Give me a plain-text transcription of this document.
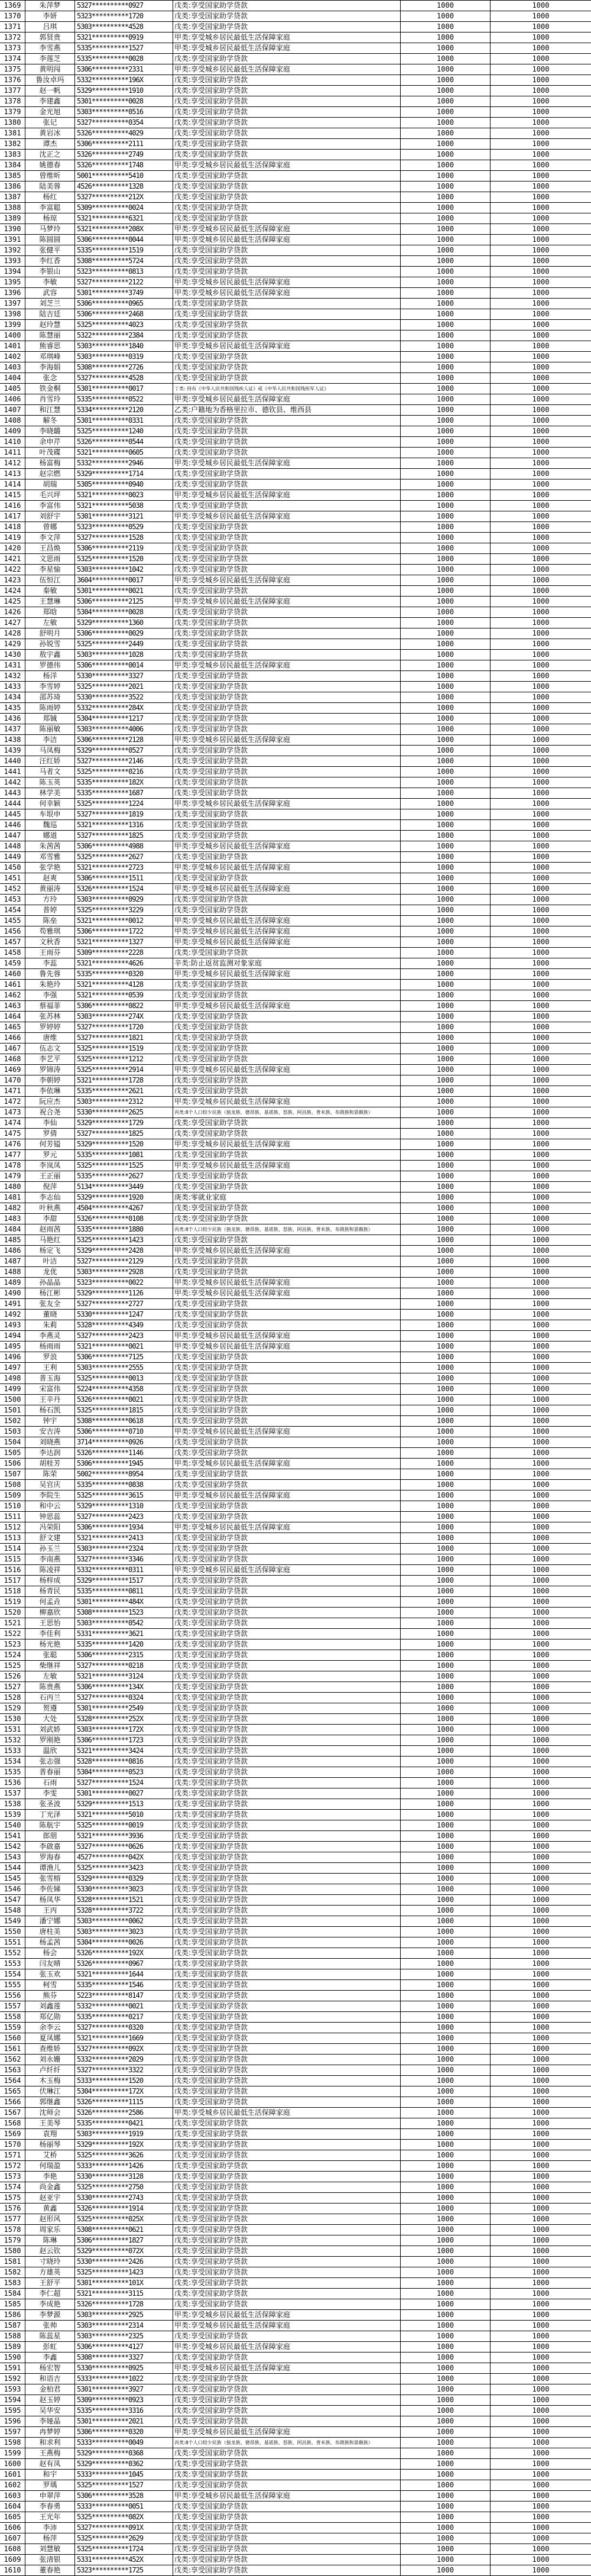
1369	朱萍梦	5327**********0927	戊类:享受国家助学贷款	1000	1000
1370	李妍	5323**********1720	戊类:享受国家助学贷款	1000	1000
1371	吕琪	5303**********4528	戊类:享受国家助学贷款	1000	1000
1372	郭贤贵	5321**********0919	甲类:享受城乡居民最低生活保障家庭	1000	1000
1373	李雪燕	5335**********1527	甲类:享受城乡居民最低生活保障家庭	1000	1000
1374	李莲芝	5335**********0028	戊类:享受国家助学贷款	1000	1000
1375	黄明闯	5306**********2331	甲类:享受城乡居民最低生活保障家庭	1000	1000
1376	鲁汝卓玛	5332**********196X	戊类:享受国家助学贷款	1000	1000
1377	赵一帆	5329**********1910	戊类:享受国家助学贷款	1000	1000
1378	李建鑫	5301**********0028	戊类:享受国家助学贷款	1000	1000
1379	金光旭	5303**********0516	戊类:享受国家助学贷款	1000	1000
1380	张记	5327**********0354	戊类:享受国家助学贷款	1000	1000
1381	黄岩冰	5326**********4029	戊类:享受国家助学贷款	1000	1000
1382	谭杰	5306**********2111	戊类:享受国家助学贷款	1000	1000
1383	沈正之	5326**********2749	戊类:享受国家助学贷款	1000	1000
1384	姚德春	5326**********1748	甲类:享受城乡居民最低生活保障家庭	1000	1000
1385	曾维昕	5001**********5410	戊类:享受国家助学贷款	1000	1000
1386	陆美蓉	4526**********1328	戊类:享受国家助学贷款	1000	1000
1387	杨红	5327**********212X	戊类:享受国家助学贷款	1000	1000
1388	李富聪	5309**********0024	戊类:享受国家助学贷款	1000	1000
1389	杨琼	5321**********6321	戊类:享受国家助学贷款	1000	1000
1390	马梦玲	5321**********208X	甲类:享受城乡居民最低生活保障家庭	1000	1000
1391	陈圆圆	5306**********0044	甲类:享受城乡居民最低生活保障家庭	1000	1000
1392	张健平	5335**********1519	戊类:享受国家助学贷款	1000	1000
1393	李红香	5308**********5724	戊类:享受国家助学贷款	1000	1000
1394	李银山	5323**********0813	戊类:享受国家助学贷款	1000	1000
1395	李敏	5327**********2122	甲类:享受城乡居民最低生活保障家庭	1000	1000
1396	武容	5301**********3749	甲类:享受城乡居民最低生活保障家庭	1000	1000
1397	刘芝兰	5306**********0965	戊类:享受国家助学贷款	1000	1000
1398	陆吉廷	5306**********2468	戊类:享受国家助学贷款	1000	1000
1399	赵玲慧	5325**********4023	戊类:享受国家助学贷款	1000	1000
1400	陈慧丽	5322**********2384	戊类:享受国家助学贷款	1000	1000
1401	熊睿思	5303**********1840	甲类:享受城乡居民最低生活保障家庭	1000	1000
1402	邓琪峰	5303**********0319	戊类:享受国家助学贷款	1000	1000
1403	李海娟	5308**********2726	戊类:享受国家助学贷款	1000	1000
1404	张念	5327**********4528	戊类:享受国家助学贷款	1000	1000
1405	铁金桐	5301**********0017	丁类: 持有《中华人民共和国残疾人证》或《中华人民共和国残疾军人证》	1000	1000
1406	肖雪玲	5335**********0522	甲类:享受城乡居民最低生活保障家庭	1000	1000
1407	和江慧	5334**********2120	乙类:户籍地为香格里拉市、德钦县、维西县	1000	1000
1408	解冬	5301**********0331	戊类:享受国家助学贷款	1000	1000
1409	李晓璐	5325**********1240	戊类:享受国家助学贷款	1000	1000
1410	余申芹	5326**********0544	戊类:享受国家助学贷款	1000	1000
1411	叶茂碟	5321**********0605	戊类:享受国家助学贷款	1000	1000
1412	杨富梅	5332**********2946	甲类:享受城乡居民最低生活保障家庭	1000	1000
1413	赵宗燃	5329**********1714	戊类:享受国家助学贷款	1000	1000
1414	胡瑞	5305**********0940	戊类:享受国家助学贷款	1000	1000
1415	毛兴坪	5321**********0023	甲类:享受城乡居民最低生活保障家庭	1000	1000
1416	李富伟	5321**********5038	戊类:享受国家助学贷款	1000	1000
1417	刘舒宇	5301**********3121	甲类:享受城乡居民最低生活保障家庭	1000	1000
1418	曾娜	5323**********0529	戊类:享受国家助学贷款	1000	1000
1419	李文萍	5327**********1528	戊类:享受国家助学贷款	1000	1000
1420	王昌焕	5306**********2119	戊类:享受国家助学贷款	1000	1000
1421	文思雨	5325**********1520	戊类:享受国家助学贷款	1000	1000
1422	李星愉	5303**********1042	戊类:享受国家助学贷款	1000	1000
1423	伍恒江	3604**********0017	甲类:享受城乡居民最低生活保障家庭	1000	1000
1424	秦敏	5301**********0021	戊类:享受国家助学贷款	1000	1000
1425	王慧琳	5306**********2125	甲类:享受城乡居民最低生活保障家庭	1000	1000
1426	郑晗	5304**********0028	戊类:享受国家助学贷款	1000	1000
1427	左敏	5329**********1360	戊类:享受国家助学贷款	1000	1000
1428	舒明月	5306**********0029	戊类:享受国家助学贷款	1000	1000
1429	孙锐雪	5325**********2449	戊类:享受国家助学贷款	1000	1000
1430	敖宇鑫	5303**********1028	戊类:享受国家助学贷款	1000	1000
1431	罗德伟	5306**********0014	甲类:享受城乡居民最低生活保障家庭	1000	1000
1432	杨洋	5330**********3327	戊类:享受国家助学贷款	1000	1000
1433	李雪婷	5325**********2021	戊类:享受国家助学贷款	1000	1000
1434	邵苏琦	5330**********3522	戊类:享受国家助学贷款	1000	1000
1435	陈雨婷	5332**********284X	戊类:享受国家助学贷款	1000	1000
1436	郑铖	5304**********1217	戊类:享受国家助学贷款	1000	1000
1437	陈丽敏	5303**********4006	戊类:享受国家助学贷款	1000	1000
1438	李洁	5306**********2128	甲类:享受城乡居民最低生活保障家庭	1000	1000
1439	马凤梅	5329**********0527	戊类:享受国家助学贷款	1000	1000
1440	汪红娇	5327**********2146	戊类:享受国家助学贷款	1000	1000
1441	马者文	5325**********0216	戊类:享受国家助学贷款	1000	1000
1442	陈玉英	5335**********182X	戊类:享受国家助学贷款	1000	1000
1443	林学美	5335**********1687	戊类:享受国家助学贷款	1000	1000
1444	何幸颖	5325**********1224	甲类:享受城乡居民最低生活保障家庭	1000	1000
1445	车垠申	5327**********1819	戊类:享受国家助学贷款	1000	1000
1446	魏巡	5321**********1316	戊类:享受国家助学贷款	1000	1000
1447	娜道	5327**********1825	戊类:享受国家助学贷款	1000	1000
1448	朱茜茜	5306**********4988	甲类:享受城乡居民最低生活保障家庭	1000	1000
1449	邓雪雅	5325**********2627	戊类:享受国家助学贷款	1000	1000
1450	张学艳	5321**********2723	甲类:享受城乡居民最低生活保障家庭	1000	1000
1451	赵爽	5306**********1511	戊类:享受国家助学贷款	1000	1000
1452	黄丽涛	5326**********1524	甲类:享受城乡居民最低生活保障家庭	1000	1000
1453	方玲	5303**********0929	戊类:享受国家助学贷款	1000	1000
1454	普婷	5325**********3229	戊类:享受国家助学贷款	1000	1000
1455	陈垒	5321**********0012	甲类:享受城乡居民最低生活保障家庭	1000	1000
1456	苟雅琪	5306**********1722	甲类:享受城乡居民最低生活保障家庭	1000	1000
1457	文秋香	5321**********1327	甲类:享受城乡居民最低生活保障家庭	1000	1000
1458	王雨芬	5309**********2228	戊类:享受国家助学贷款	1000	1000
1459	李蕊	5321**********4626	辛类:防止返贫监测对象家庭	1000	1000
1460	鲁先蓉	5335**********0320	甲类:享受城乡居民最低生活保障家庭	1000	1000
1461	朱艳玲	5321**********4128	戊类:享受国家助学贷款	1000	1000
1462	李强	5321**********0539	戊类:享受国家助学贷款	1000	1000
1463	蔡福菲	5306**********0822	甲类:享受城乡居民最低生活保障家庭	1000	1000
1464	张苏林	5303**********274X	戊类:享受国家助学贷款	1000	1000
1465	罗婷婷	5327**********1720	戊类:享受国家助学贷款	1000	1000
1466	唐维	5327**********1821	戊类:享受国家助学贷款	1000	1000
1467	伍志文	5325**********1519	戊类:享受国家助学贷款	1000	1000
1468	李艺平	5325**********1212	戊类:享受国家助学贷款	1000	1000
1469	罗锦涛	5325**********2914	甲类:享受城乡居民最低生活保障家庭	1000	1000
1470	李朝婷	5321**********1728	戊类:享受国家助学贷款	1000	1000
1471	李依琳	5335**********2621	戊类:享受国家助学贷款	1000	1000
1472	阮应杰	5303**********2312	甲类:享受城乡居民最低生活保障家庭	1000	1000
1473	祝合尧	5330**********2625	丙类:8个人口较少民族（独龙族、德昂族、基诺族、怒族、阿昌族、普米族、布朗族和景颇族）	1000	1000
1474	李仙	5329**********1729	戊类:享受国家助学贷款	1000	1000
1475	罗倩	5327**********1825	戊类:享受国家助学贷款	1000	1000
1476	何芳镒	5329**********1520	甲类:享受城乡居民最低生活保障家庭	1000	1000
1477	罗元	5335**********1081	戊类:享受国家助学贷款	1000	1000
1478	李岚凤	5325**********1525	甲类:享受城乡居民最低生活保障家庭	1000	1000
1479	王正丽	5335**********2627	戊类:享受国家助学贷款	1000	1000
1480	倪萍	5134**********3449	戊类:享受国家助学贷款	1000	1000
1481	李志仙	5329**********1920	庚类:零就业家庭	1000	1000
1482	叶秋燕	4504**********4267	戊类:享受国家助学贷款	1000	1000
1483	李甜	5326**********0108	戊类:享受国家助学贷款	1000	1000
1484	赵雨茜	5335**********1880	丙类:8个人口较少民族（独龙族、德昂族、基诺族、怒族、阿昌族、普米族、布朗族和景颇族）	1000	1000
1485	马艳红	5325**********1423	戊类:享受国家助学贷款	1000	1000
1486	杨定飞	5329**********2428	甲类:享受城乡居民最低生活保障家庭	1000	1000
1487	叶洁	5327**********2129	戊类:享受国家助学贷款	1000	1000
1488	龙优	5303**********2928	戊类:享受国家助学贷款	1000	1000
1489	孙晶晶	5323**********0022	甲类:享受城乡居民最低生活保障家庭	1000	1000
1490	杨江彬	5329**********1126	甲类:享受城乡居民最低生活保障家庭	1000	1000
1491	张友全	5327**********2727	戊类:享受国家助学贷款	1000	1000
1492	董晓	5330**********1247	戊类:享受国家助学贷款	1000	1000
1493	朱莉	5328**********4349	戊类:享受国家助学贷款	1000	1000
1494	李燕灵	5327**********2423	甲类:享受城乡居民最低生活保障家庭	1000	1000
1495	杨雨雨	5321**********0021	甲类:享受城乡居民最低生活保障家庭	1000	1000
1496	罗浪	5306**********7125	戊类:享受国家助学贷款	1000	1000
1497	王利	5303**********2555	戊类:享受国家助学贷款	1000	1000
1498	普玉海	5325**********0013	戊类:享受国家助学贷款	1000	1000
1499	宋富伟	5224**********4358	戊类:享受国家助学贷款	1000	1000
1500	王辛丹	5326**********0021	戊类:享受国家助学贷款	1000	1000
1501	杨石凯	5325**********1815	戊类:享受国家助学贷款	1000	1000
1502	钟宇	5308**********0618	戊类:享受国家助学贷款	1000	1000
1503	安吉涛	5306**********0710	甲类:享受城乡居民最低生活保障家庭	1000	1000
1504	刘晓燕	3714**********0926	戊类:享受国家助学贷款	1000	1000
1505	李达润	5326**********1146	戊类:享受国家助学贷款	1000	1000
1506	胡桂芳	5306**********1945	甲类:享受城乡居民最低生活保障家庭	1000	1000
1507	陈荣	5002**********8954	戊类:享受国家助学贷款	1000	1000
1508	吴官庆	5335**********0838	戊类:享受国家助学贷款	1000	1000
1509	李院生	5325**********3615	甲类:享受城乡居民最低生活保障家庭	1000	1000
1510	和中云	5329**********1310	戊类:享受国家助学贷款	1000	1000
1511	钟思蕊	5327**********2423	戊类:享受国家助学贷款	1000	1000
1512	冯荣阳	5306**********1934	甲类:享受城乡居民最低生活保障家庭	1000	1000
1513	舒文建	5321**********2413	戊类:享受国家助学贷款	1000	1000
1514	孙玉兰	5303**********2324	戊类:享受国家助学贷款	1000	1000
1515	李南燕	5327**********3346	戊类:享受国家助学贷款	1000	1000
1516	陈凌祥	5332**********0311	甲类:享受城乡居民最低生活保障家庭	1000	1000
1517	杨梓成	5329**********1517	戊类:享受国家助学贷款	1000	1000
1518	杨青民	5335**********0811	戊类:享受国家助学贷款	1000	1000
1519	何孟垚	5301**********484X	戊类:享受国家助学贷款	1000	1000
1520	柳嘉欣	5308**********1523	戊类:享受国家助学贷款	1000	1000
1521	王思怡	5303**********0542	戊类:享受国家助学贷款	1000	1000
1522	李佳利	5331**********3621	戊类:享受国家助学贷款	1000	1000
1523	杨光艳	5335**********1420	戊类:享受国家助学贷款	1000	1000
1524	张聪	5306**********2315	戊类:享受国家助学贷款	1000	1000
1525	柴继祥	5327**********0218	戊类:享受国家助学贷款	1000	1000
1526	左敏	5321**********3124	戊类:享受国家助学贷款	1000	1000
1527	陈贵燕	5306**********134X	戊类:享受国家助学贷款	1000	1000
1528	石丙兰	5327**********0324	戊类:享受国家助学贷款	1000	1000
1529	贺遵	5301**********2549	戊类:享受国家助学贷款	1000	1000
1530	大处	5328**********252X	戊类:享受国家助学贷款	1000	1000
1531	刘武娇	5303**********172X	戊类:享受国家助学贷款	1000	1000
1532	罗刚艳	5306**********1723	戊类:享受国家助学贷款	1000	1000
1533	温欣	5321**********3424	戊类:享受国家助学贷款	1000	1000
1534	张志强	5328**********0816	戊类:享受国家助学贷款	1000	1000
1535	普春丽	5304**********0523	戊类:享受国家助学贷款	1000	1000
1536	石雨	5327**********1524	戊类:享受国家助学贷款	1000	1000
1537	李雯	5301**********0027	戊类:享受国家助学贷款	1000	1000
1538	张圣波	5329**********1513	戊类:享受国家助学贷款	1000	1000
1539	丁光泽	5321**********5010	戊类:享受国家助学贷款	1000	1000
1540	陈航宇	5325**********0019	戊类:享受国家助学贷款	1000	1000
1541	郎朋	5321**********3936	戊类:享受国家助学贷款	1000	1000
1542	李啟嘉	5327**********0626	戊类:享受国家助学贷款	1000	1000
1543	罗海春	4527**********042X	戊类:享受国家助学贷款	1000	1000
1544	谭渔儿	5325**********3423	戊类:享受国家助学贷款	1000	1000
1545	张雪榕	5329**********0329	戊类:享受国家助学贷款	1000	1000
1546	李佐娣	5330**********3023	戊类:享受国家助学贷款	1000	1000
1547	杨凤华	5328**********1521	戊类:享受国家助学贷款	1000	1000
1548	王丙	5328**********3722	戊类:享受国家助学贷款	1000	1000
1549	潘宁娜	5303**********0062	戊类:享受国家助学贷款	1000	1000
1550	唐柱美	5303**********3023	戊类:享受国家助学贷款	1000	1000
1551	杨孟茜	5304**********0026	戊类:享受国家助学贷款	1000	1000
1552	杨会	5326**********192X	戊类:享受国家助学贷款	1000	1000
1553	闫友晴	5326**********0967	戊类:享受国家助学贷款	1000	1000
1554	张玉欢	5321**********1644	戊类:享受国家助学贷款	1000	1000
1555	柯雪	5335**********1546	戊类:享受国家助学贷款	1000	1000
1556	熊芬	5223**********8147	戊类:享受国家助学贷款	1000	1000
1557	刘鑫莲	5332**********0021	戊类:享受国家助学贷款	1000	1000
1558	郑亿勋	5335**********0217	戊类:享受国家助学贷款	1000	1000
1559	余李云	5327**********0320	戊类:享受国家助学贷款	1000	1000
1560	夏凤娜	5321**********1669	戊类:享受国家助学贷款	1000	1000
1561	查维娇	5327**********092X	戊类:享受国家助学贷款	1000	1000
1562	刘永姗	5332**********2029	戊类:享受国家助学贷款	1000	1000
1563	卢纤纤	5327**********3322	戊类:享受国家助学贷款	1000	1000
1564	木玉梅	5333**********1520	戊类:享受国家助学贷款	1000	1000
1565	伏琳江	5304**********172X	戊类:享受国家助学贷款	1000	1000
1566	郭继鑫	5326**********1115	戊类:享受国家助学贷款	1000	1000
1567	沈师会	5326**********2586	甲类:享受城乡居民最低生活保障家庭	1000	1000
1568	王美琴	5335**********0421	戊类:享受国家助学贷款	1000	1000
1569	袁翔	5303**********1919	戊类:享受国家助学贷款	1000	1000
1570	杨丽琴	5329**********192X	戊类:享受国家助学贷款	1000	1000
1571	艾桥	5325**********3626	戊类:享受国家助学贷款	1000	1000
1572	何瑞盈	5333**********1426	戊类:享受国家助学贷款	1000	1000
1573	李艳	5330**********3128	戊类:享受国家助学贷款	1000	1000
1574	尚金鑫	5325**********2750	戊类:享受国家助学贷款	1000	1000
1575	赵亚宇	5330**********2743	戊类:享受国家助学贷款	1000	1000
1576	黄鑫	5326**********1914	戊类:享受国家助学贷款	1000	1000
1577	赵形风	5325**********025X	戊类:享受国家助学贷款	1000	1000
1578	周家乐	5308**********0621	戊类:享受国家助学贷款	1000	1000
1579	陈琳	5306**********1827	戊类:享受国家助学贷款	1000	1000
1580	赵云钦	5329**********072X	戊类:享受国家助学贷款	1000	1000
1581	寸晓玲	5330**********2426	戊类:享受国家助学贷款	1000	1000
1582	方雄英	5325**********1423	戊类:享受国家助学贷款	1000	1000
1583	王舒平	5301**********101X	戊类:享受国家助学贷款	1000	1000
1584	李仁超	5321**********3115	戊类:享受国家助学贷款	1000	1000
1585	李成艳	5326**********1728	戊类:享受国家助学贷款	1000	1000
1586	李梦源	5303**********2925	甲类:享受城乡居民最低生活保障家庭	1000	1000
1587	张帅	5303**********2314	甲类:享受城乡居民最低生活保障家庭	1000	1000
1588	陈蕊星	5303**********2325	戊类:享受国家助学贷款	1000	1000
1589	彭虹	5306**********4127	甲类:享受城乡居民最低生活保障家庭	1000	1000
1590	李鑫	5308**********3327	戊类:享受国家助学贷款	1000	1000
1591	杨宏智	5330**********0925	甲类:享受城乡居民最低生活保障家庭	1000	1000
1592	和语吉	5333**********1022	戊类:享受国家助学贷款	1000	1000
1593	金柏君	5301**********3927	戊类:享受国家助学贷款	1000	1000
1594	赵玉婷	5309**********0923	戊类:享受国家助学贷款	1000	1000
1595	吴华安	5335**********3316	戊类:享受国家助学贷款	1000	1000
1596	李娅晶	5301**********2021	戊类:享受国家助学贷款	1000	1000
1597	冉梦婷	5306**********0320	甲类:享受城乡居民最低生活保障家庭	1000	1000
1598	和求利	5333**********0049	丙类:8个人口较少民族（独龙族、德昂族、基诺族、怒族、阿昌族、普米族、布朗族和景颇族）	1000	1000
1599	王燕梅	5329**********0368	戊类:享受国家助学贷款	1000	1000
1600	赵有凤	5329**********0362	戊类:享受国家助学贷款	1000	1000
1601	和宇	5333**********1045	戊类:享受国家助学贷款	1000	1000
1602	罗瑀	5325**********1527	戊类:享受国家助学贷款	1000	1000
1603	申翠萍	5306**********3528	甲类:享受城乡居民最低生活保障家庭	1000	1000
1604	李春勇	5333**********0051	戊类:享受国家助学贷款	1000	1000
1605	王光年	5325**********082X	戊类:享受国家助学贷款	1000	1000
1606	李沛	5327**********091X	戊类:享受国家助学贷款	1000	1000
1607	杨萍	5325**********2629	戊类:享受国家助学贷款	1000	1000
1608	刘慧敏	5325**********1724	戊类:享受国家助学贷款	1000	1000
1609	张清银	5331**********452X	戊类:享受国家助学贷款	1000	1000
1610	董春艳	5323**********1725	戊类:享受国家助学贷款	1000	1000
